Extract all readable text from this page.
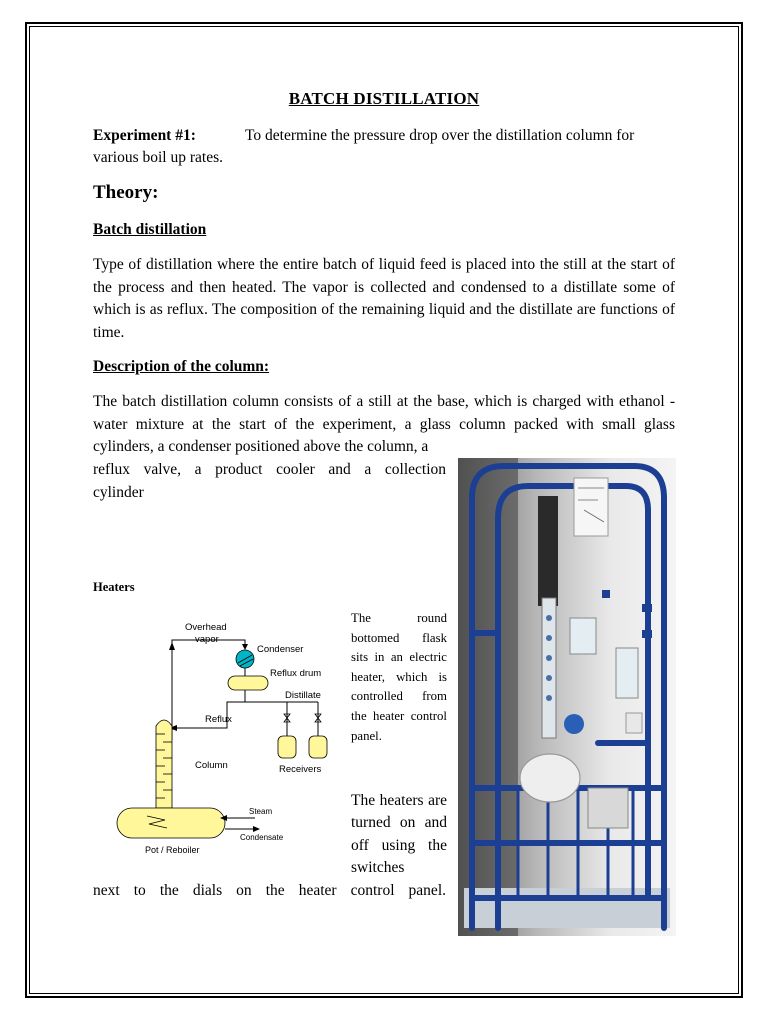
BATCH DISTILLATION
Experiment #1:	To determine the pressure drop over the distillation column for various boil up rates.
Theory:
Batch distillation
Type of distillation where the entire batch of liquid feed is placed into the still at the start of the process and then heated. The vapor is collected and condensed to a distillate some of which is as reflux. The composition of the remaining liquid and the distillate are functions of time.
Description of the column:
The batch distillation column consists of a still at the base, which is charged with ethanol - water mixture at the start of the experiment, a glass column packed with small glass cylinders, a condenser positioned above the column, a
reflux valve, a product cooler and a collection
cylinder
Heaters
Overhead
vapor
Condenser
Reflux drum
Distillate
Reflux
Column	Receivers
Steam
Condensate
Pot / Reboiler
The round bottomed flask sits in an electric heater, which is controlled from the heater control panel.
The heaters are turned on and off using the switches
next to the dials on the heater control panel.
